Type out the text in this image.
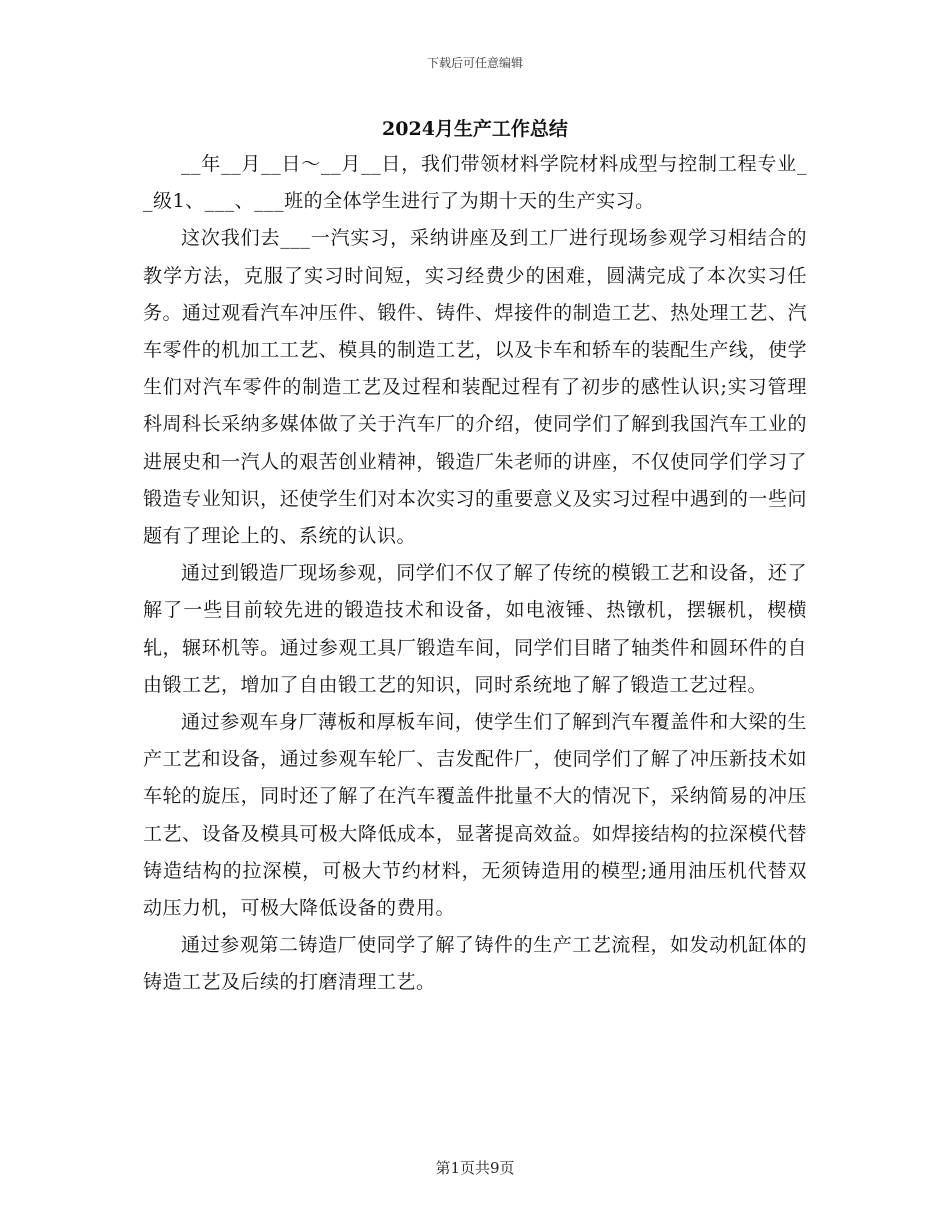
下载后可任意编辑
2024月生产工作总结

__年__月__日～__月__日，我们带领材料学院材料成型与控制工程专业__级1、___、___班的全体学生进行了为期十天的生产实习。

这次我们去___一汽实习，采纳讲座及到工厂进行现场参观学习相结合的教学方法，克服了实习时间短，实习经费少的困难，圆满完成了本次实习任务。通过观看汽车冲压件、锻件、铸件、焊接件的制造工艺、热处理工艺、汽车零件的机加工工艺、模具的制造工艺，以及卡车和轿车的装配生产线，使学生们对汽车零件的制造工艺及过程和装配过程有了初步的感性认识;实习管理科周科长采纳多媒体做了关于汽车厂的介绍，使同学们了解到我国汽车工业的进展史和一汽人的艰苦创业精神，锻造厂朱老师的讲座，不仅使同学们学习了锻造专业知识，还使学生们对本次实习的重要意义及实习过程中遇到的一些问题有了理论上的、系统的认识。

通过到锻造厂现场参观，同学们不仅了解了传统的模锻工艺和设备，还了解了一些目前较先进的锻造技术和设备，如电液锤、热镦机，摆辗机，楔横轧，辗环机等。通过参观工具厂锻造车间，同学们目睹了轴类件和圆环件的自由锻工艺，增加了自由锻工艺的知识，同时系统地了解了锻造工艺过程。

通过参观车身厂薄板和厚板车间，使学生们了解到汽车覆盖件和大梁的生产工艺和设备，通过参观车轮厂、吉发配件厂，使同学们了解了冲压新技术如车轮的旋压，同时还了解了在汽车覆盖件批量不大的情况下，采纳简易的冲压工艺、设备及模具可极大降低成本，显著提高效益。如焊接结构的拉深模代替铸造结构的拉深模，可极大节约材料，无须铸造用的模型;通用油压机代替双动压力机，可极大降低设备的费用。

通过参观第二铸造厂使同学了解了铸件的生产工艺流程，如发动机缸体的铸造工艺及后续的打磨清理工艺。

第1页共9页
